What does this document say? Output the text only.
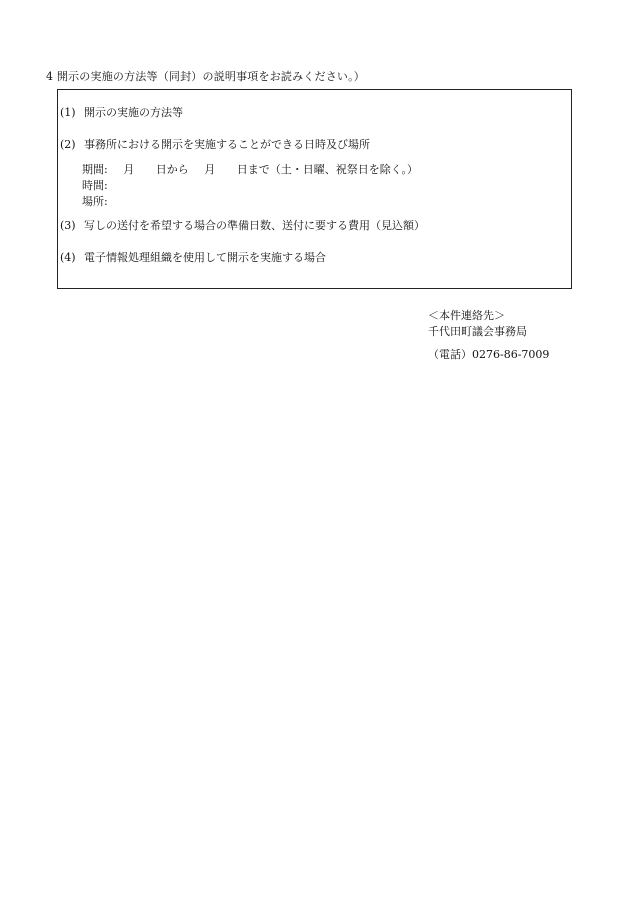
4 開示の実施の方法等（同封）の説明事項をお読みください。）
(1) 開示の実施の方法等
(2) 事務所における開示を実施することができる日時及び場所
期間: 月 日から 月 日まで（土・日曜、祝祭日を除く。）
時間:
場所:
(3) 写しの送付を希望する場合の準備日数、送付に要する費用（見込額）
(4) 電子情報処理組織を使用して開示を実施する場合
＜本件連絡先＞
千代田町議会事務局
（電話）0276-86-7009
